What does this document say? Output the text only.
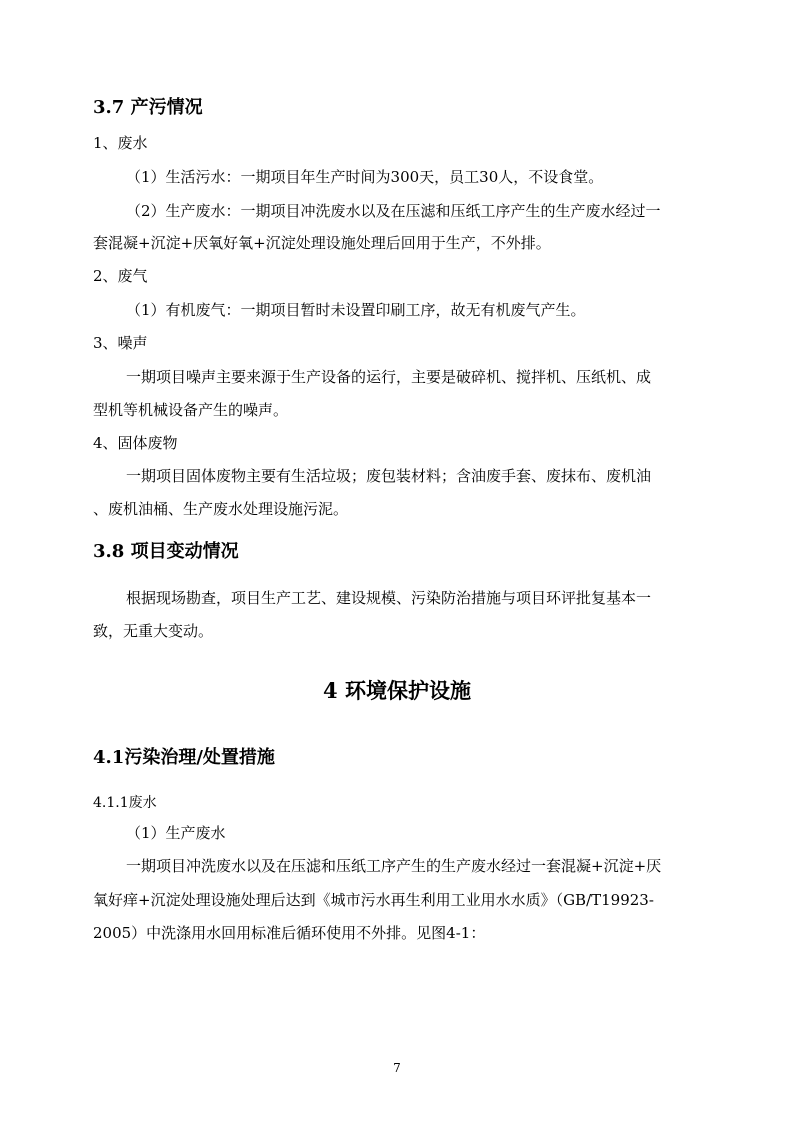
3.7 产污情况
1、废水
（1）生活污水：一期项目年生产时间为300天，员工30人，不设食堂。
（2）生产废水：一期项目冲洗废水以及在压滤和压纸工序产生的生产废水经过一
套混凝+沉淀+厌氧好氧+沉淀处理设施处理后回用于生产，不外排。
2、废气
（1）有机废气：一期项目暂时未设置印刷工序，故无有机废气产生。
3、噪声
一期项目噪声主要来源于生产设备的运行，主要是破碎机、搅拌机、压纸机、成
型机等机械设备产生的噪声。
4、固体废物
一期项目固体废物主要有生活垃圾；废包装材料；含油废手套、废抹布、废机油
、废机油桶、生产废水处理设施污泥。
3.8 项目变动情况
根据现场勘查，项目生产工艺、建设规模、污染防治措施与项目环评批复基本一
致，无重大变动。
4 环境保护设施
4.1污染治理/处置措施
4.1.1废水
（1）生产废水
一期项目冲洗废水以及在压滤和压纸工序产生的生产废水经过一套混凝+沉淀+厌
氧好痒+沉淀处理设施处理后达到《城市污水再生利用工业用水水质》（GB/T19923-
2005）中洗涤用水回用标准后循环使用不外排。见图4-1：
7
